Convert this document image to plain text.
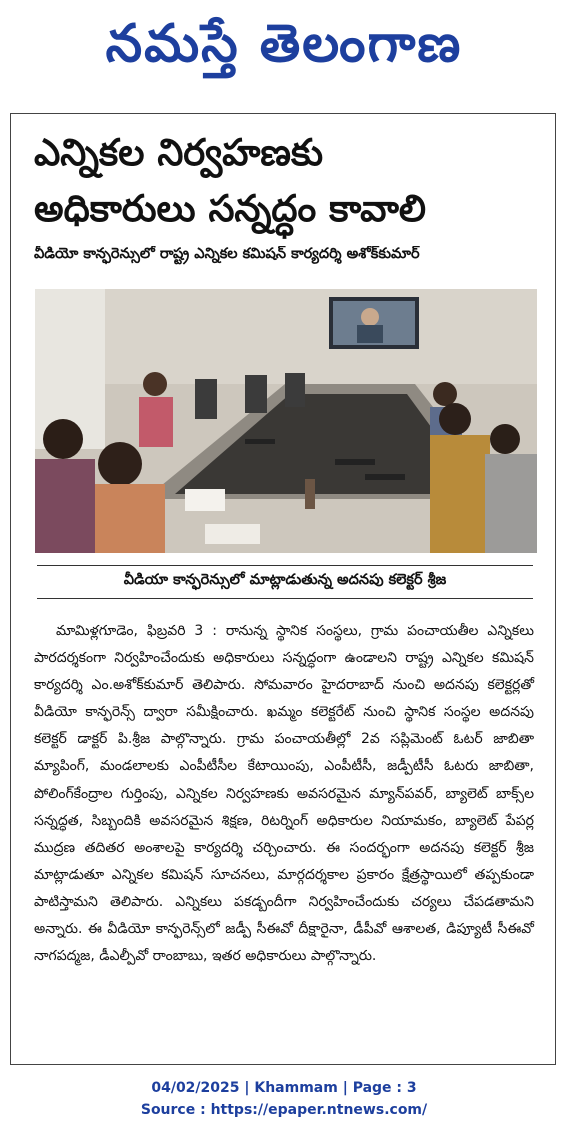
నమస్తే తెలంగాణ
ఎన్నికల నిర్వహణకు
అధికారులు సన్నద్ధం కావాలి
వీడియో కాన్ఫరెన్సులో రాష్ట్ర ఎన్నికల కమిషన్‌ కార్యదర్శి అశోక్‌కుమార్‌
వీడియా కాన్ఫరెన్సులో మాట్లాడుతున్న అదనపు కలెక్టర్‌ శ్రీజ

మామిళ్లగూడెం, ఫిబ్రవరి 3 : రానున్న స్థానిక సంస్థలు, గ్రామ పంచాయతీల ఎన్నికలు పారదర్శకంగా నిర్వహించేందుకు అధికారులు సన్నద్ధంగా ఉండాలని రాష్ట్ర ఎన్నికల కమిషన్‌ కార్యదర్శి ఎం.అశోక్‌కుమార్‌ తెలిపారు. సోమవారం హైదరాబాద్‌ నుంచి అదనపు కలెక్టర్లతో వీడియో కాన్ఫరెన్స్‌ ద్వారా సమీక్షించారు. ఖమ్మం కలెక్టరేట్‌ నుంచి స్థానిక సంస్థల అదనపు కలెక్టర్‌ డాక్టర్‌ పి.శ్రీజ పాల్గొన్నారు. గ్రామ పంచాయతీల్లో 2వ సప్లిమెంట్‌ ఓటర్‌ జాబితా మ్యాపింగ్‌, మండలాలకు ఎంపీటీసీల కేటాయింపు, ఎంపీటీసీ, జడ్పీటీసీ ఓటరు జాబితా, పోలింగ్‌కేంద్రాల గుర్తింపు, ఎన్నికల నిర్వహణకు అవసరమైన మ్యాన్‌పవర్‌, బ్యాలెట్‌ బాక్స్‌ల సన్నద్ధత, సిబ్బందికి అవసరమైన శిక్షణ, రిటర్నింగ్‌ అధికారుల నియామకం, బ్యాలెట్‌ పేపర్ల ముద్రణ తదితర అంశాలపై కార్యదర్శి చర్చించారు. ఈ సందర్భంగా అదనపు కలెక్టర్‌ శ్రీజ మాట్లాడుతూ ఎన్నికల కమిషన్‌ సూచనలు, మార్గదర్శకాల ప్రకారం క్షేత్రస్థాయిలో తప్పకుండా పాటిస్తామని తెలిపారు. ఎన్నికలు పకడ్బందీగా నిర్వహించేందుకు చర్యలు చేపడతామని అన్నారు. ఈ వీడియో కాన్ఫరెన్స్‌లో జడ్పీ సీఈవో దీక్షారైనా, డీపీవో ఆశాలత, డిప్యూటీ సీఈవో నాగపద్మజ, డీఎల్పీవో రాంబాబు, ఇతర అధికారులు పాల్గొన్నారు.

04/02/2025 | Khammam | Page : 3
Source : https://epaper.ntnews.com/
